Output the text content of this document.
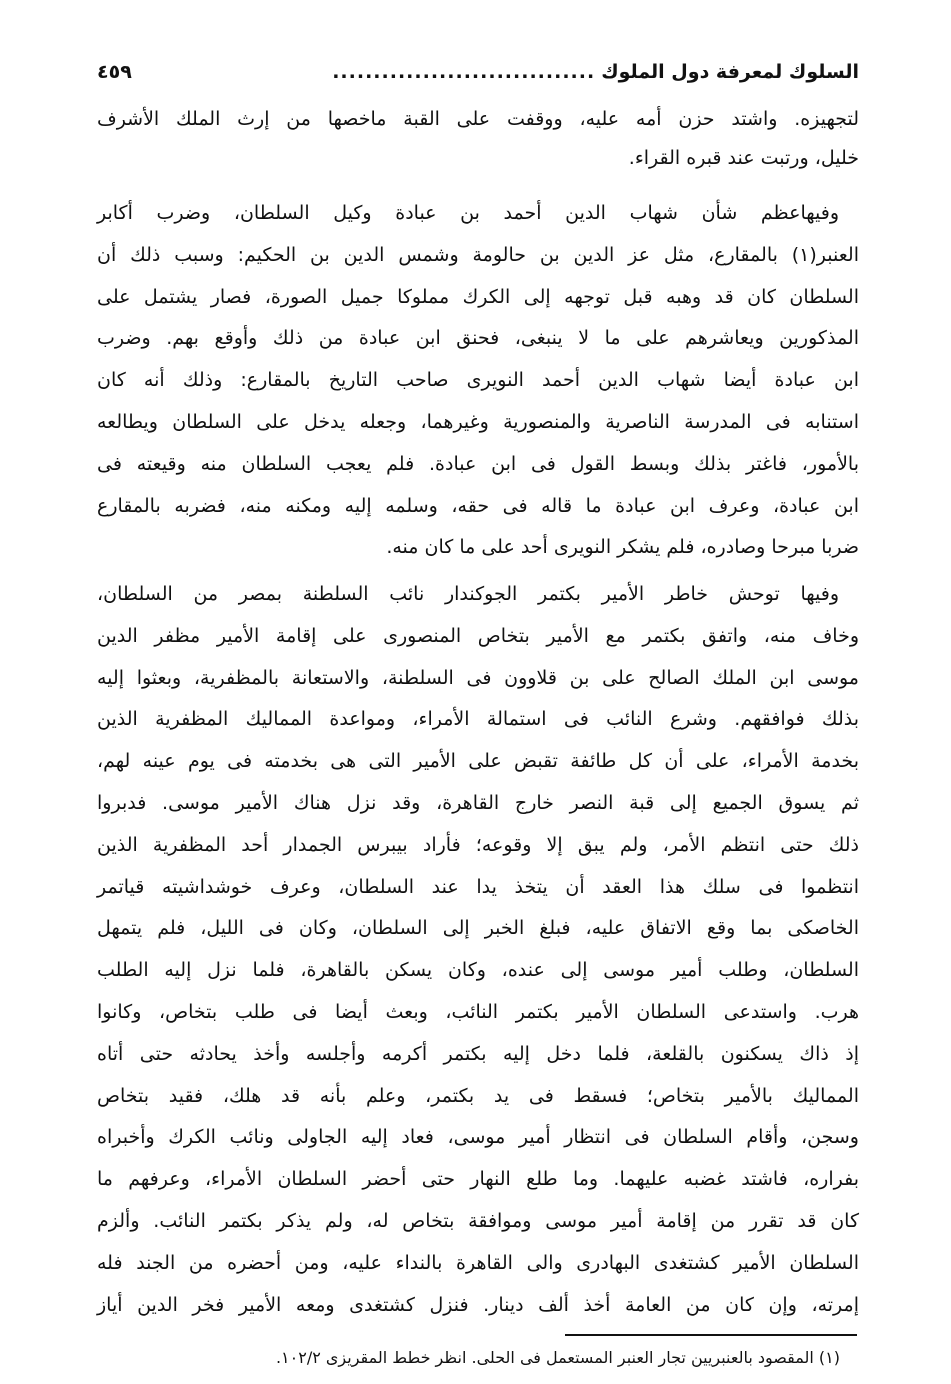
السلوك لمعرفة دول الملوك
................................
٤٥٩
لتجهيزه. واشتد حزن أمه عليه، ووقفت على القبة ماخصها من إرث الملك الأشرف
خليل، ورتبت عند قبره القراء.
وفيهاعظم شأن شهاب الدين أحمد بن عبادة وكيل السلطان، وضرب أكابر
العنبر(١) بالمقارع، مثل عز الدين بن حالومة وشمس الدين بن الحكيم: وسبب ذلك أن
السلطان كان قد وهبه قبل توجهه إلى الكرك مملوكا جميل الصورة، فصار يشتمل على
المذكورين ويعاشرهم على ما لا ينبغى، فحنق ابن عبادة من ذلك وأوقع بهم. وضرب
ابن عبادة أيضا شهاب الدين أحمد النويرى صاحب التاريخ بالمقارع: وذلك أنه كان
استنابه فى المدرسة الناصرية والمنصورية وغيرهما، وجعله يدخل على السلطان ويطالعه
بالأمور، فاغتر بذلك وبسط القول فى ابن عبادة. فلم يعجب السلطان منه وقيعته فى
ابن عبادة، وعرف ابن عبادة ما قاله فى حقه، وسلمه إليه ومكنه منه، فضربه بالمقارع
ضربا مبرحا وصادره، فلم يشكر النويرى أحد على ما كان منه.
وفيها توحش خاطر الأمير بكتمر الجوكندار نائب السلطنة بمصر من السلطان،
وخاف منه، واتفق بكتمر مع الأمير بتخاص المنصورى على إقامة الأمير مظفر الدين
موسى ابن الملك الصالح على بن قلاوون فى السلطنة، والاستعانة بالمظفرية، وبعثوا إليه
بذلك فوافقهم. وشرع النائب فى استمالة الأمراء، ومواعدة المماليك المظفرية الذين
بخدمة الأمراء، على أن كل طائفة تقبض على الأمير التى هى بخدمته فى يوم عينه لهم،
ثم يسوق الجميع إلى قبة النصر خارج القاهرة، وقد نزل هناك الأمير موسى. فدبروا
ذلك حتى انتظم الأمر، ولم يبق إلا وقوعه؛ فأراد بيبرس الجمدار أحد المظفرية الذين
انتظموا فى سلك هذا العقد أن يتخذ يدا عند السلطان، وعرف خوشداشيته قياتمر
الخاصكى بما وقع الاتفاق عليه، فبلغ الخبر إلى السلطان، وكان فى الليل، فلم يتمهل
السلطان، وطلب أمير موسى إلى عنده، وكان يسكن بالقاهرة، فلما نزل إليه الطلب
هرب. واستدعى السلطان الأمير بكتمر النائب، وبعث أيضا فى طلب بتخاص، وكانوا
إذ ذاك يسكنون بالقلعة، فلما دخل إليه بكتمر أكرمه وأجلسه وأخذ يحادثه حتى أتاه
المماليك بالأمير بتخاص؛ فسقط فى يد بكتمر، وعلم بأنه قد هلك، فقيد بتخاص
وسجن، وأقام السلطان فى انتظار أمير موسى، فعاد إليه الجاولى ونائب الكرك وأخبراه
بفراره، فاشتد غضبه عليهما. وما طلع النهار حتى أحضر السلطان الأمراء، وعرفهم ما
كان قد تقرر من إقامة أمير موسى وموافقة بتخاص له، ولم يذكر بكتمر النائب. وألزم
السلطان الأمير كشتغدى البهادرى والى القاهرة بالنداء عليه، ومن أحضره من الجند فله
إمرته، وإن كان من العامة أخذ ألف دينار. فنزل كشتغدى ومعه الأمير فخر الدين أياز
(١) المقصود بالعنبريين تجار العنبر المستعمل فى الحلى. انظر خطط المقريزى ١٠٢/٢.
